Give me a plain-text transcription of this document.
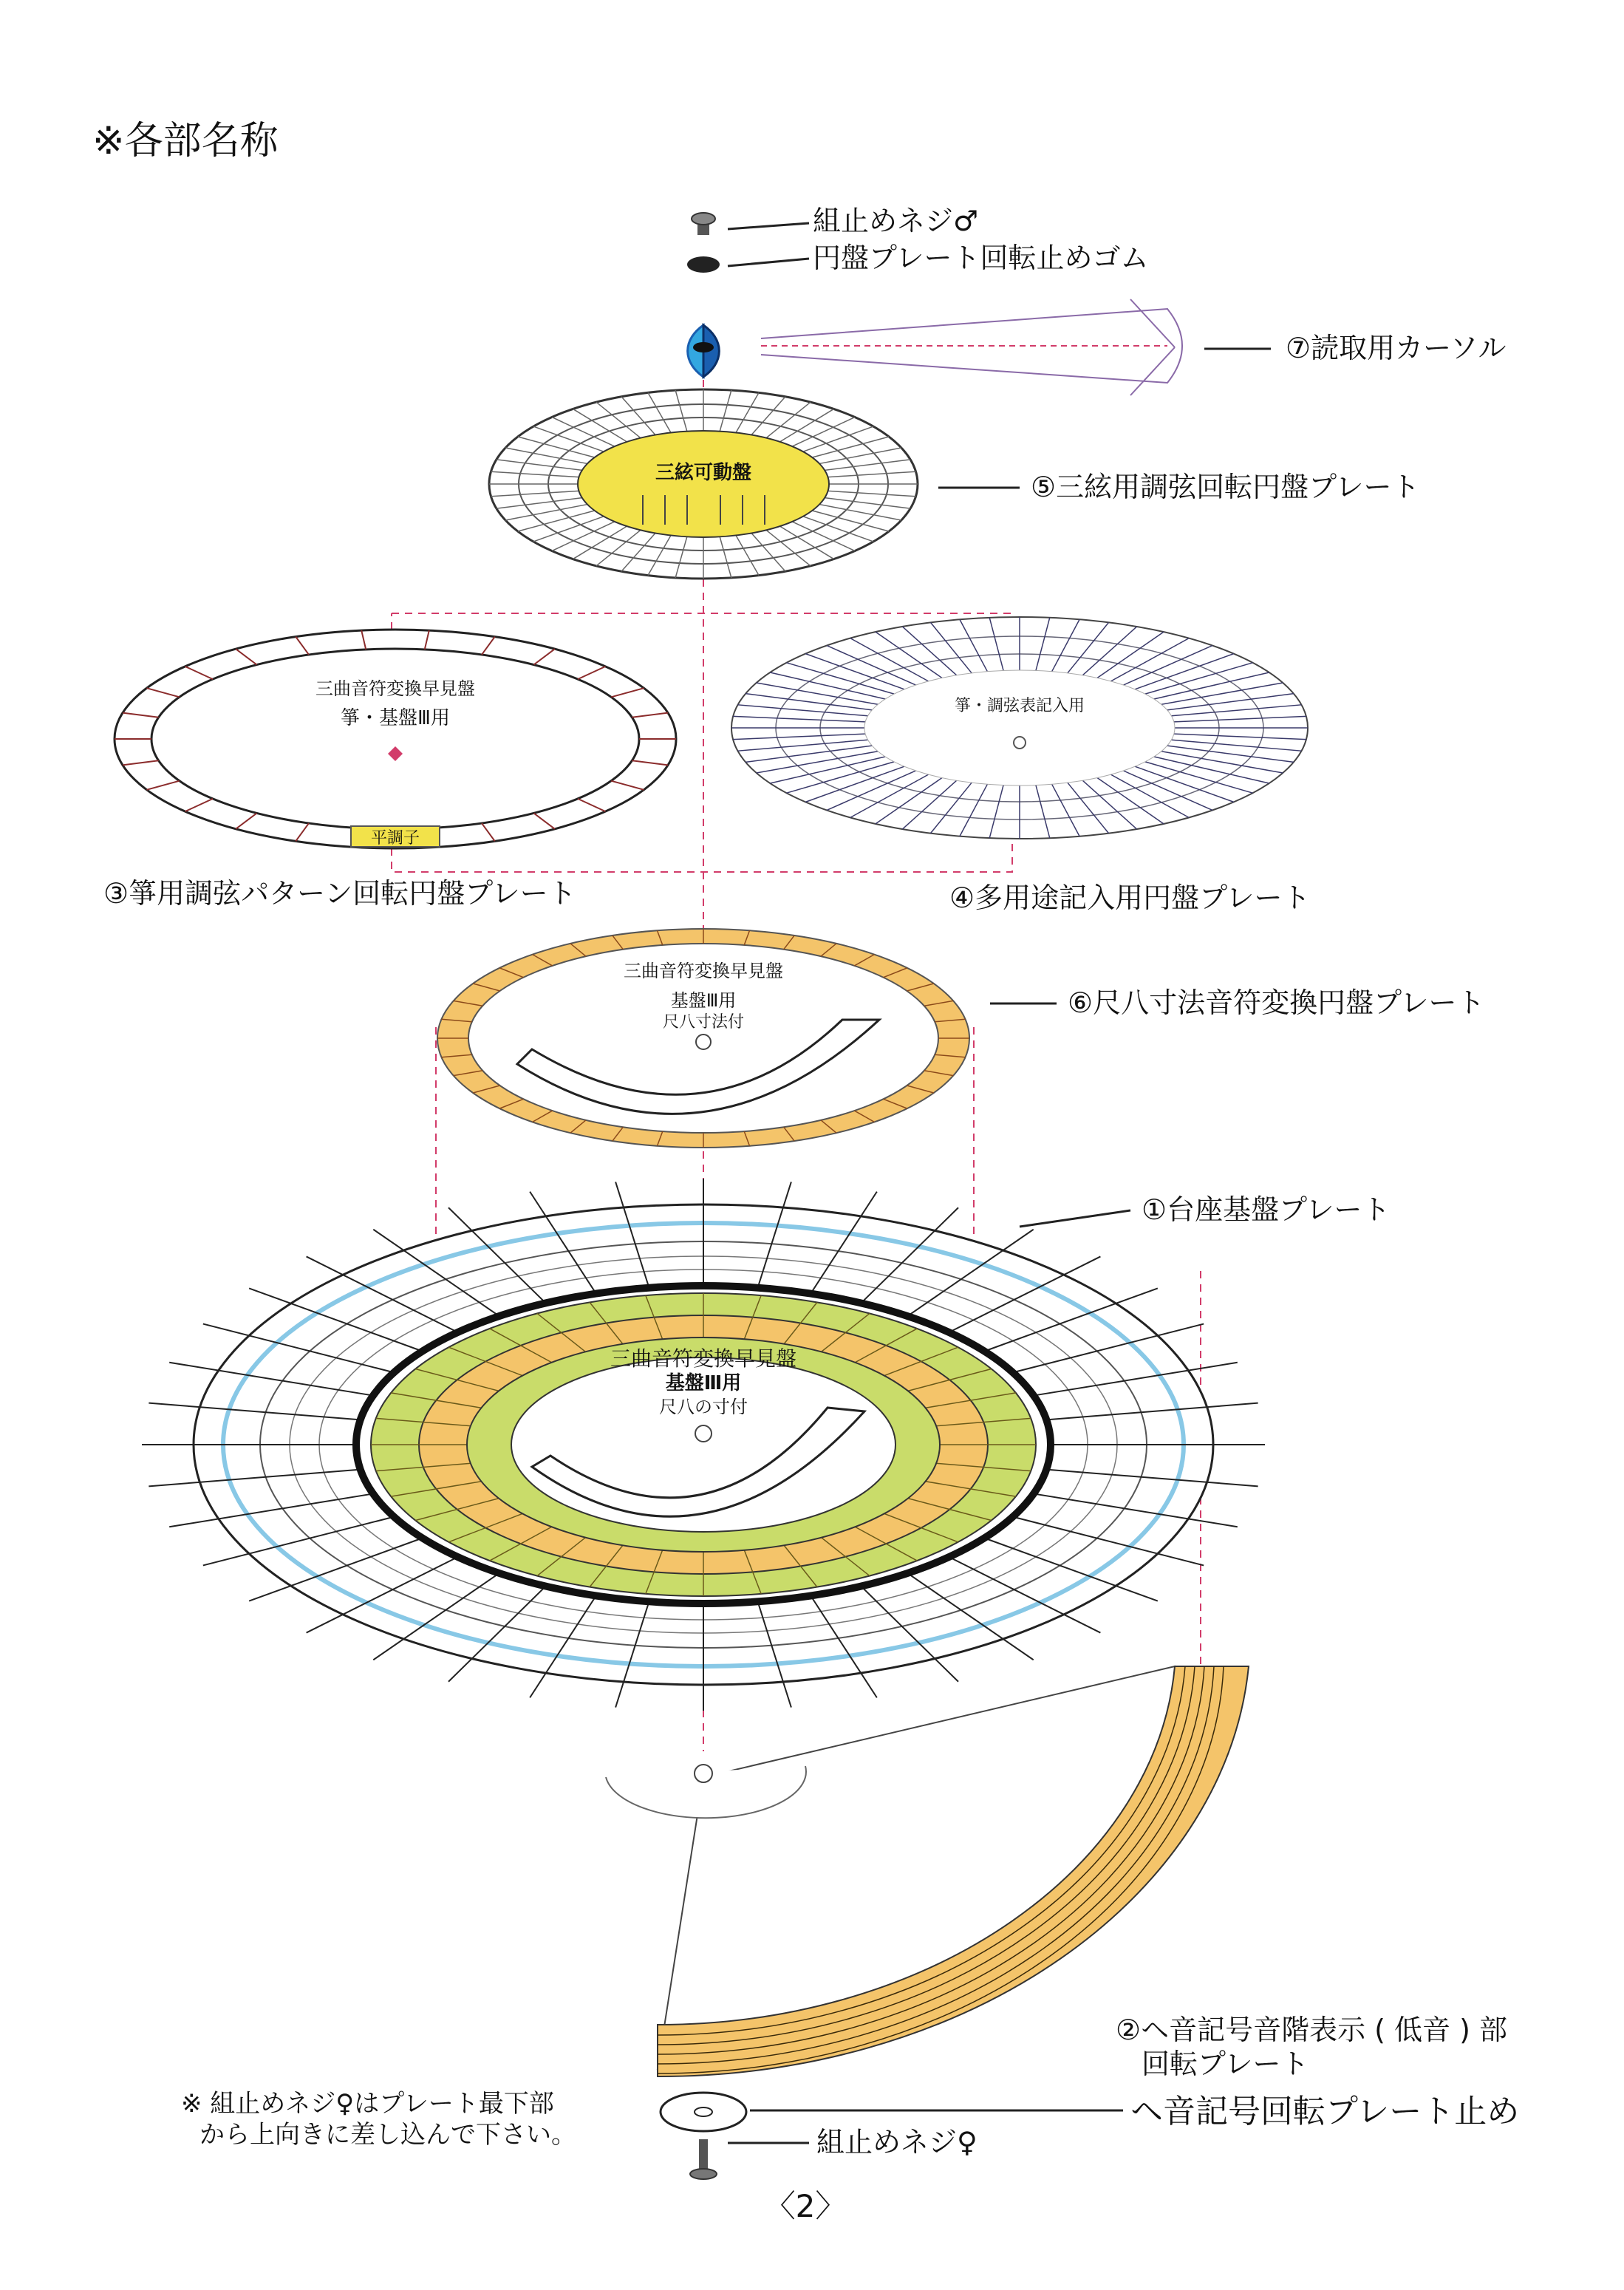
※各部名称
組止めネジ♂
円盤プレート回転止めゴム
⑦読取用カーソル
三絃可動盤	⑤三絃用調弦回転円盤プレート
三曲音符変換早見盤
箏・基盤Ⅲ用
平調子
③箏用調弦パターン回転円盤プレート
箏・調弦表記入用
④多用途記入用円盤プレート
三曲音符変換早見盤
基盤Ⅲ用
尺八寸法付
⑥尺八寸法音符変換円盤プレート
三曲音符変換早見盤
基盤Ⅲ用
尺八の寸付
①台座基盤プレート
②ヘ音記号音階表示 ( 低音 ) 部
回転プレート
ヘ音記号回転プレート止め
組止めネジ♀
※ 組止めネジ♀はプレート最下部
から上向きに差し込んで下さい。
〈2〉
